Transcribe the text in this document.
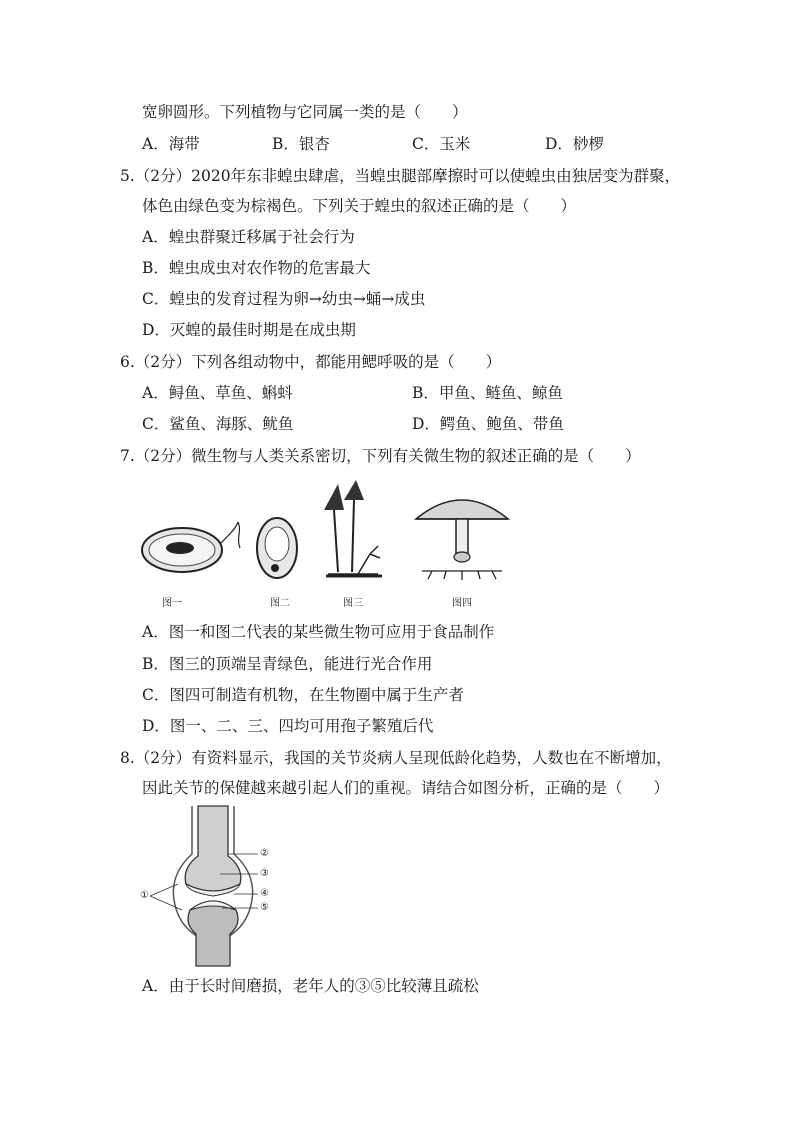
宽卵圆形。下列植物与它同属一类的是（　　）
A．海带	B．银杏	C．玉米	D．桫椤
5.（2分）2020年东非蝗虫肆虐，当蝗虫腿部摩擦时可以使蝗虫由独居变为群聚，
体色由绿色变为棕褐色。下列关于蝗虫的叙述正确的是（　　）
A．蝗虫群聚迁移属于社会行为
B．蝗虫成虫对农作物的危害最大
C．蝗虫的发育过程为卵→幼虫→蛹→成虫
D．灭蝗的最佳时期是在成虫期
6.（2分）下列各组动物中，都能用鳃呼吸的是（　　）
A．鲟鱼、草鱼、蝌蚪	B．甲鱼、鲢鱼、鲸鱼
C．鲨鱼、海豚、鱿鱼	D．鳄鱼、鲍鱼、带鱼
7.（2分）微生物与人类关系密切，下列有关微生物的叙述正确的是（　　）
图一	图二	图三	图四
A．图一和图二代表的某些微生物可应用于食品制作
B．图三的顶端呈青绿色，能进行光合作用
C．图四可制造有机物，在生物圈中属于生产者
D．图一、二、三、四均可用孢子繁殖后代
8.（2分）有资料显示，我国的关节炎病人呈现低龄化趋势，人数也在不断增加，
因此关节的保健越来越引起人们的重视。请结合如图分析，正确的是（　　）
①
②
③
④
⑤
A．由于长时间磨损，老年人的③⑤比较薄且疏松
